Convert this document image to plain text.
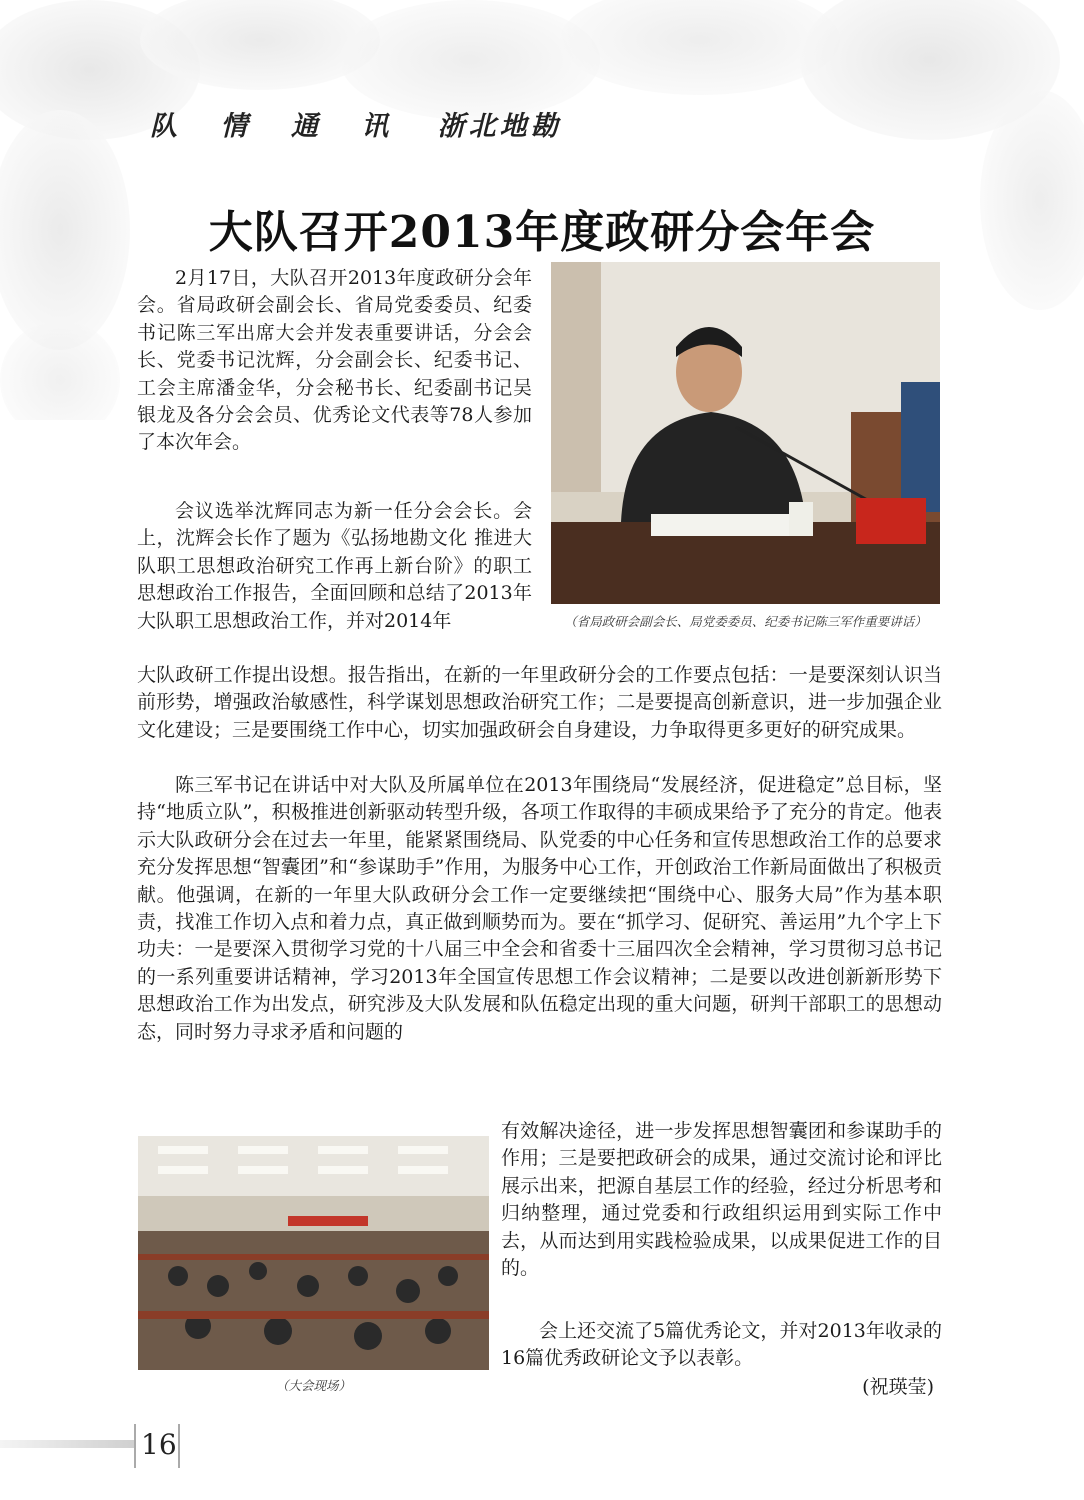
队 情 通 讯 浙北地勘
大队召开2013年度政研分会年会
2月17日，大队召开2013年度政研分会年会。省局政研会副会长、省局党委委员、纪委书记陈三军出席大会并发表重要讲话，分会会长、党委书记沈辉，分会副会长、纪委书记、工会主席潘金华，分会秘书长、纪委副书记吴银龙及各分会会员、优秀论文代表等78人参加了本次年会。
会议选举沈辉同志为新一任分会会长。会上，沈辉会长作了题为《弘扬地勘文化 推进大队职工思想政治研究工作再上新台阶》的职工思想政治工作报告，全面回顾和总结了2013年大队职工思想政治工作，并对2014年
大队政研工作提出设想。报告指出，在新的一年里政研分会的工作要点包括：一是要深刻认识当前形势，增强政治敏感性，科学谋划思想政治研究工作；二是要提高创新意识，进一步加强企业文化建设；三是要围绕工作中心，切实加强政研会自身建设，力争取得更多更好的研究成果。
陈三军书记在讲话中对大队及所属单位在2013年围绕局“发展经济，促进稳定”总目标，坚持“地质立队”，积极推进创新驱动转型升级，各项工作取得的丰硕成果给予了充分的肯定。他表示大队政研分会在过去一年里，能紧紧围绕局、队党委的中心任务和宣传思想政治工作的总要求充分发挥思想“智囊团”和“参谋助手”作用，为服务中心工作，开创政治工作新局面做出了积极贡献。他强调，在新的一年里大队政研分会工作一定要继续把“围绕中心、服务大局”作为基本职责，找准工作切入点和着力点，真正做到顺势而为。要在“抓学习、促研究、善运用”九个字上下功夫：一是要深入贯彻学习党的十八届三中全会和省委十三届四次全会精神，学习贯彻习总书记的一系列重要讲话精神，学习2013年全国宣传思想工作会议精神；二是要以改进创新新形势下思想政治工作为出发点，研究涉及大队发展和队伍稳定出现的重大问题，研判干部职工的思想动态，同时努力寻求矛盾和问题的
有效解决途径，进一步发挥思想智囊团和参谋助手的作用；三是要把政研会的成果，通过交流讨论和评比展示出来，把源自基层工作的经验，经过分析思考和归纳整理，通过党委和行政组织运用到实际工作中去，从而达到用实践检验成果，以成果促进工作的目的。
会上还交流了5篇优秀论文，并对2013年收录的16篇优秀政研论文予以表彰。
(祝瑛莹)
（省局政研会副会长、局党委委员、纪委书记陈三军作重要讲话）
（大会现场）
16
